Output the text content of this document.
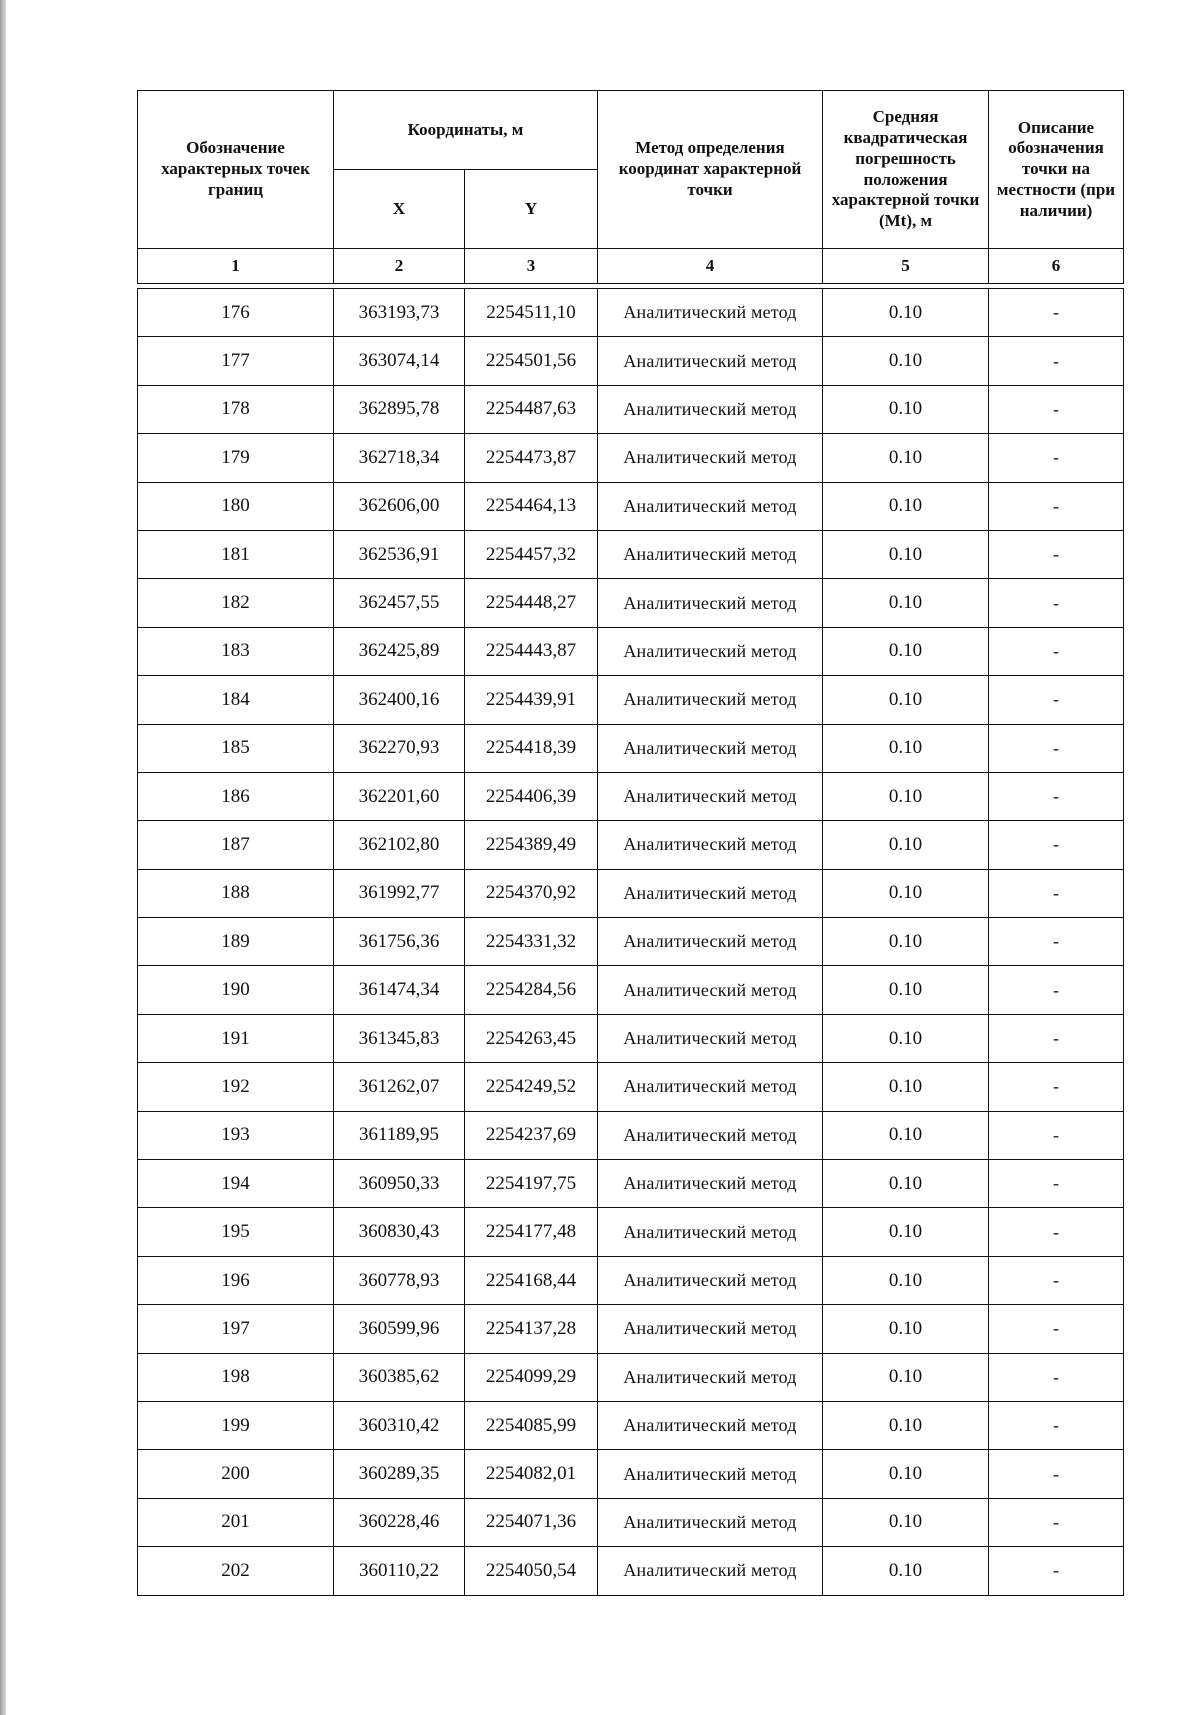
Обозначение характерных точек границ	Координаты, м		Метод определения координат характерной точки	Средняя квадратическая погрешность положения характерной точки (Mt), м	Описание обозначения точки на местности (при наличии)
	X	Y			
1	2	3	4	5	6
176	363193,73	2254511,10	Аналитический метод	0.10	-
177	363074,14	2254501,56	Аналитический метод	0.10	-
178	362895,78	2254487,63	Аналитический метод	0.10	-
179	362718,34	2254473,87	Аналитический метод	0.10	-
180	362606,00	2254464,13	Аналитический метод	0.10	-
181	362536,91	2254457,32	Аналитический метод	0.10	-
182	362457,55	2254448,27	Аналитический метод	0.10	-
183	362425,89	2254443,87	Аналитический метод	0.10	-
184	362400,16	2254439,91	Аналитический метод	0.10	-
185	362270,93	2254418,39	Аналитический метод	0.10	-
186	362201,60	2254406,39	Аналитический метод	0.10	-
187	362102,80	2254389,49	Аналитический метод	0.10	-
188	361992,77	2254370,92	Аналитический метод	0.10	-
189	361756,36	2254331,32	Аналитический метод	0.10	-
190	361474,34	2254284,56	Аналитический метод	0.10	-
191	361345,83	2254263,45	Аналитический метод	0.10	-
192	361262,07	2254249,52	Аналитический метод	0.10	-
193	361189,95	2254237,69	Аналитический метод	0.10	-
194	360950,33	2254197,75	Аналитический метод	0.10	-
195	360830,43	2254177,48	Аналитический метод	0.10	-
196	360778,93	2254168,44	Аналитический метод	0.10	-
197	360599,96	2254137,28	Аналитический метод	0.10	-
198	360385,62	2254099,29	Аналитический метод	0.10	-
199	360310,42	2254085,99	Аналитический метод	0.10	-
200	360289,35	2254082,01	Аналитический метод	0.10	-
201	360228,46	2254071,36	Аналитический метод	0.10	-
202	360110,22	2254050,54	Аналитический метод	0.10	-
